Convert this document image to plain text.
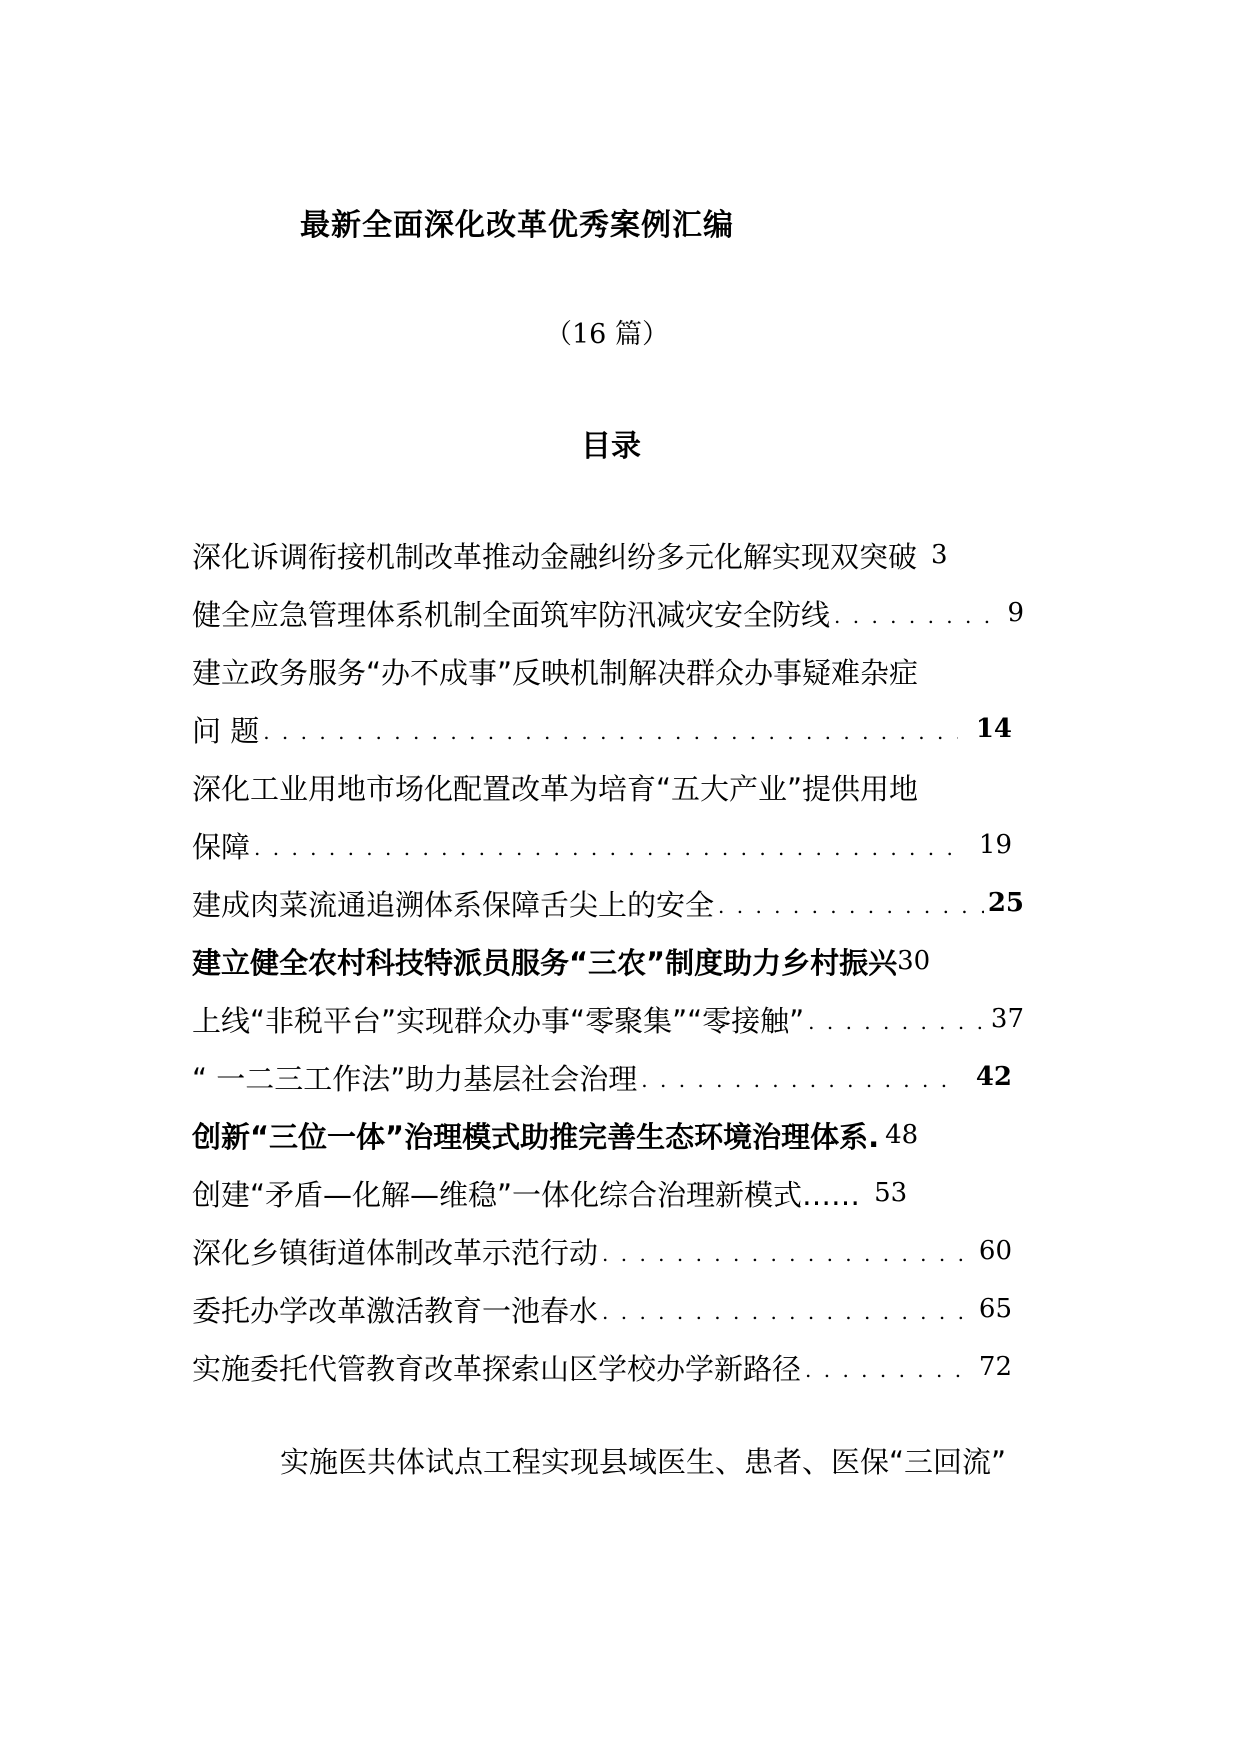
最新全面深化改革优秀案例汇编
（16 篇）
目录
深化诉调衔接机制改革推动金融纠纷多元化解实现双突破 3
健全应急管理体系机制全面筑牢防汛减灾安全防线 . . .	9
建立政务服务“办不成事”反映机制解决群众办事疑难杂症
问 题 . . .	14
深化工业用地市场化配置改革为培育“五大产业”提供用地
保障 . . .	19
建成肉菜流通追溯体系保障舌尖上的安全 . . .	25
建立健全农村科技特派员服务“三农”制度助力乡村振兴 30
上线“非税平台”实现群众办事“零聚集”“零接触” . . .	37
“ 一二三工作法”助力基层社会治理 . . .	42
创新“三位一体”治理模式助推完善生态环境治理体系. 48
创建“矛盾—化解—维稳”一体化综合治理新模式…… 53
深化乡镇街道体制改革示范行动 . . .	60
委托办学改革激活教育一池春水 . . .	65
实施委托代管教育改革探索山区学校办学新路径 . . .	72
实施医共体试点工程实现县域医生、患者、医保“三回流”
